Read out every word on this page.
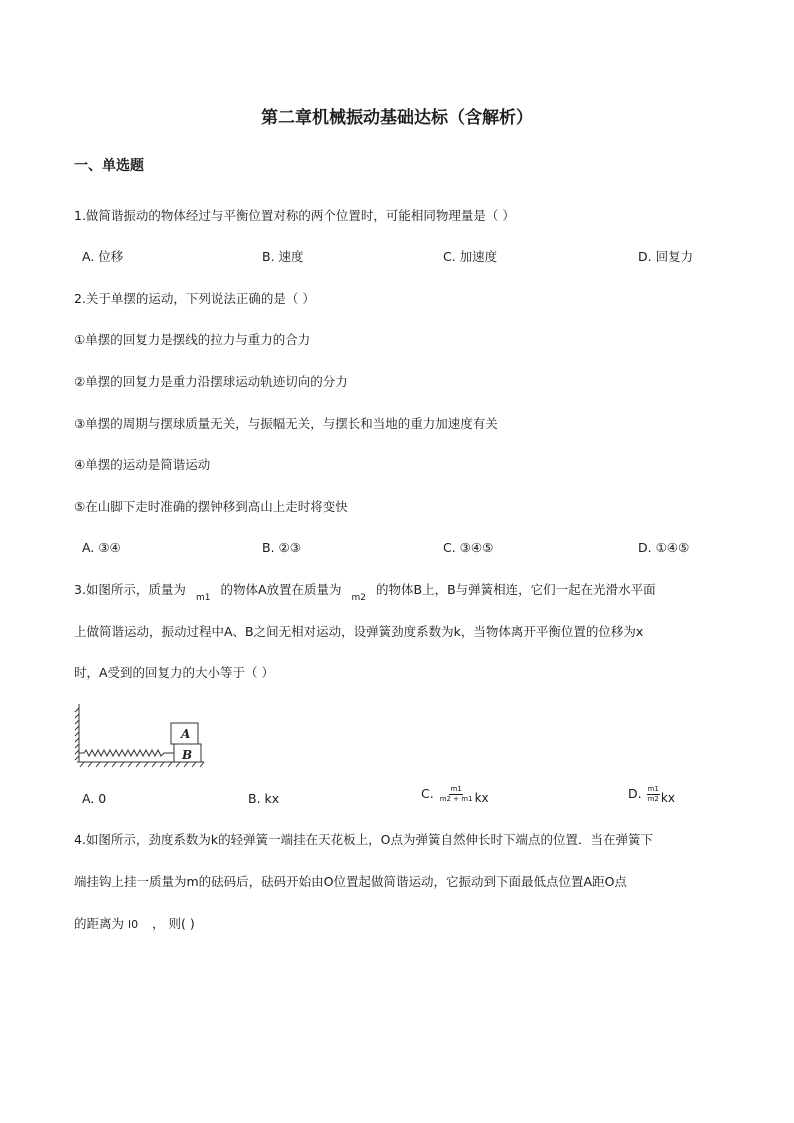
第二章机械振动基础达标（含解析）
一、单选题
1.做简谐振动的物体经过与平衡位置对称的两个位置时，可能相同物理量是（ ）
A. 位移	B. 速度	C. 加速度	D. 回复力
2.关于单摆的运动，下列说法正确的是（ ）
①单摆的回复力是摆线的拉力与重力的合力
②单摆的回复力是重力沿摆球运动轨迹切向的分力
③单摆的周期与摆球质量无关，与振幅无关，与摆长和当地的重力加速度有关
④单摆的运动是简谐运动
⑤在山脚下走时准确的摆钟移到高山上走时将变快
A. ③④	B. ②③	C. ③④⑤	D. ①④⑤
3.如图所示，质量为$_{m1}$的物体A放置在质量为$_{m2}$的物体B上，B与弹簧相连，它们一起在光滑水平面
上做简谐运动，振动过程中A、B之间无相对运动，设弹簧劲度系数为k，当物体离开平衡位置的位移为x
时，A受到的回复力的大小等于（ ）
A
B
A. 0	B. kx	C. $\frac{m1}{m2 + m1}$ kx	D. $\frac{m1}{m2}$ kx
4.如图所示，劲度系数为k的轻弹簧一端挂在天花板上，O点为弹簧自然伸长时下端点的位置．当在弹簧下
端挂钩上挂一质量为m的砝码后，砝码开始由O位置起做简谐运动，它振动到下面最低点位置A距O点
的距离为 l0 ， 则( )
